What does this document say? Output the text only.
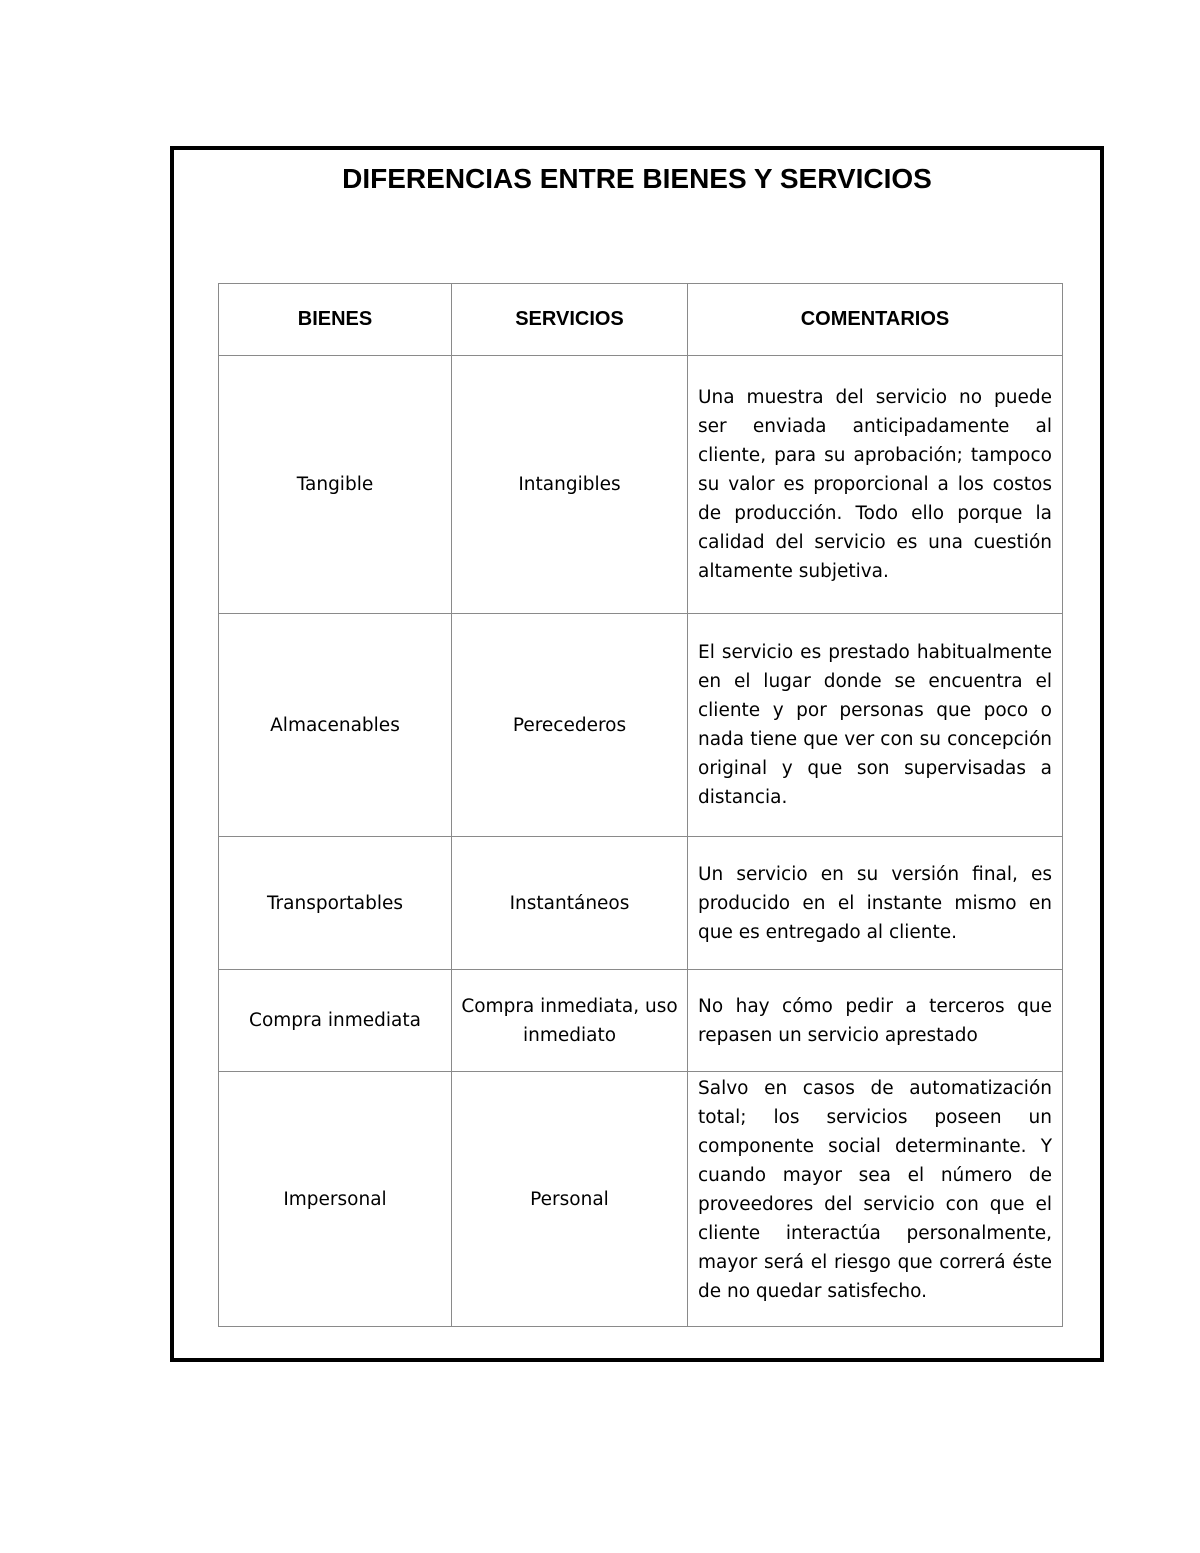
DIFERENCIAS ENTRE BIENES Y SERVICIOS
BIENES	SERVICIOS	COMENTARIOS
Tangible	Intangibles	Una muestra del servicio no puede ser enviada anticipadamente al cliente, para su aprobación; tampoco su valor es proporcional a los costos de producción. Todo ello porque la calidad del servicio es una cuestión altamente subjetiva.
Almacenables	Perecederos	El servicio es prestado habitualmente en el lugar donde se encuentra el cliente y por personas que poco o nada tiene que ver con su concepción original y que son supervisadas a distancia.
Transportables	Instantáneos	Un servicio en su versión final, es producido en el instante mismo en que es entregado al cliente.
Compra inmediata	Compra inmediata, uso inmediato	No hay cómo pedir a terceros que repasen un servicio aprestado
Impersonal	Personal	Salvo en casos de automatización total; los servicios poseen un componente social determinante. Y cuando mayor sea el número de proveedores del servicio con que el cliente interactúa personalmente, mayor será el riesgo que correrá éste de no quedar satisfecho.
